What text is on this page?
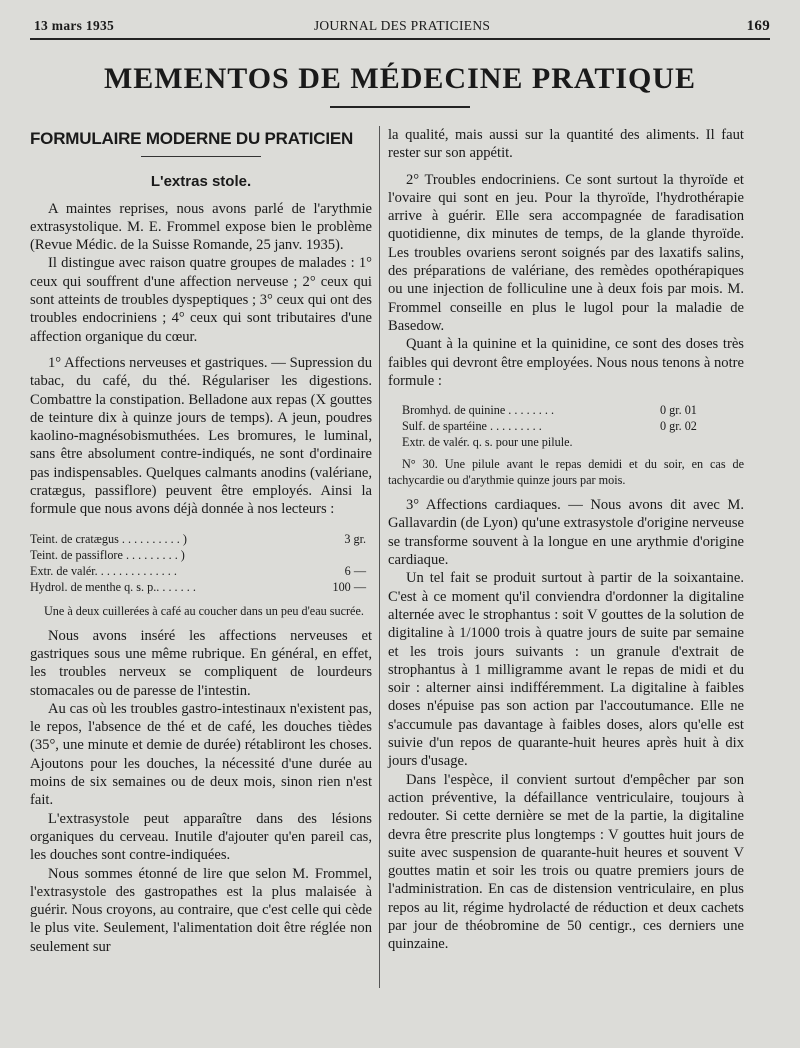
13 mars 1935	JOURNAL DES PRATICIENS	169
MEMENTOS DE MÉDECINE PRATIQUE
FORMULAIRE MODERNE DU PRATICIEN
L'extras stole.

A maintes reprises, nous avons parlé de l'arythmie extrasystolique. M. E. Frommel expose bien le problème (Revue Médic. de la Suisse Romande, 25 janv. 1935).

Il distingue avec raison quatre groupes de malades : 1° ceux qui souffrent d'une affection nerveuse ; 2° ceux qui sont atteints de troubles dyspeptiques ; 3° ceux qui ont des troubles endocriniens ; 4° ceux qui sont tributaires d'une affection organique du cœur.

1° Affections nerveuses et gastriques. — Supression du tabac, du café, du thé. Régulariser les digestions. Combattre la constipation. Belladone aux repas (X gouttes de teinture dix à quinze jours de temps). A jeun, poudres kaolino-magnésobismuthées. Les bromures, le luminal, sans être absolument contre-indiqués, ne sont d'ordinaire pas indispensables. Quelques calmants anodins (valériane, cratægus, passiflore) peuvent être employés. Ainsi la formule que nous avons déjà donnée à nos lecteurs :

Teint. de cratægus . . . . . . . . . . )	3 gr.
Teint. de passiflore . . . . . . . . . )
Extr. de valér. . . . . . . . . . . . . .	6 —
Hydrol. de menthe q. s. p.. . . . . . .	100 —
Une à deux cuillerées à café au coucher dans un peu d'eau sucrée.

Nous avons inséré les affections nerveuses et gastriques sous une même rubrique. En général, en effet, les troubles nerveux se compliquent de lourdeurs stomacales ou de paresse de l'intestin.

Au cas où les troubles gastro-intestinaux n'existent pas, le repos, l'absence de thé et de café, les douches tièdes (35°, une minute et demie de durée) rétabliront les choses. Ajoutons pour les douches, la nécessité d'une durée au moins de six semaines ou de deux mois, sinon rien n'est fait.

L'extrasystole peut apparaître dans des lésions organiques du cerveau. Inutile d'ajouter qu'en pareil cas, les douches sont contre-indiquées.

Nous sommes étonné de lire que selon M. Frommel, l'extrasystole des gastropathes est la plus malaisée à guérir. Nous croyons, au contraire, que c'est celle qui cède le plus vite. Seulement, l'alimentation doit être réglée non seulement sur

la qualité, mais aussi sur la quantité des aliments. Il faut rester sur son appétit.

2° Troubles endocriniens. Ce sont surtout la thyroïde et l'ovaire qui sont en jeu. Pour la thyroïde, l'hydrothérapie arrive à guérir. Elle sera accompagnée de faradisation quotidienne, dix minutes de temps, de la glande thyroïde. Les troubles ovariens seront soignés par des laxatifs salins, des préparations de valériane, des remèdes opothérapiques ou une injection de folliculine une à deux fois par mois. M. Frommel conseille en plus le lugol pour la maladie de Basedow.

Quant à la quinine et la quinidine, ce sont des doses très faibles qui devront être employées. Nous nous tenons à notre formule :

Bromhyd. de quinine . . . . . . . .	0 gr. 01
Sulf. de spartéine . . . . . . . . .	0 gr. 02
Extr. de valér. q. s. pour une pilule.
N° 30. Une pilule avant le repas demidi et du soir, en cas de tachycardie ou d'arythmie quinze jours par mois.

3° Affections cardiaques. — Nous avons dit avec M. Gallavardin (de Lyon) qu'une extrasystole d'origine nerveuse se transforme souvent à la longue en une arythmie d'origine cardiaque.

Un tel fait se produit surtout à partir de la soixantaine. C'est à ce moment qu'il conviendra d'ordonner la digitaline alternée avec le strophantus : soit V gouttes de la solution de digitaline à 1/1000 trois à quatre jours de suite par semaine et les trois jours suivants : un granule d'extrait de strophantus à 1 milligramme avant le repas de midi et du soir : alterner ainsi indifféremment. La digitaline à faibles doses n'épuise pas son action par l'accoutumance. Elle ne s'accumule pas davantage à faibles doses, alors qu'elle est suivie d'un repos de quarante-huit heures après huit à dix jours d'usage.

Dans l'espèce, il convient surtout d'empêcher par son action préventive, la défaillance ventriculaire, toujours à redouter. Si cette dernière se met de la partie, la digitaline devra être prescrite plus longtemps : V gouttes huit jours de suite avec suspension de quarante-huit heures et souvent V gouttes matin et soir les trois ou quatre premiers jours de l'administration. En cas de distension ventriculaire, en plus repos au lit, régime hydrolacté de réduction et deux cachets par jour de théobromine de 50 centigr., ces derniers une quinzaine.
